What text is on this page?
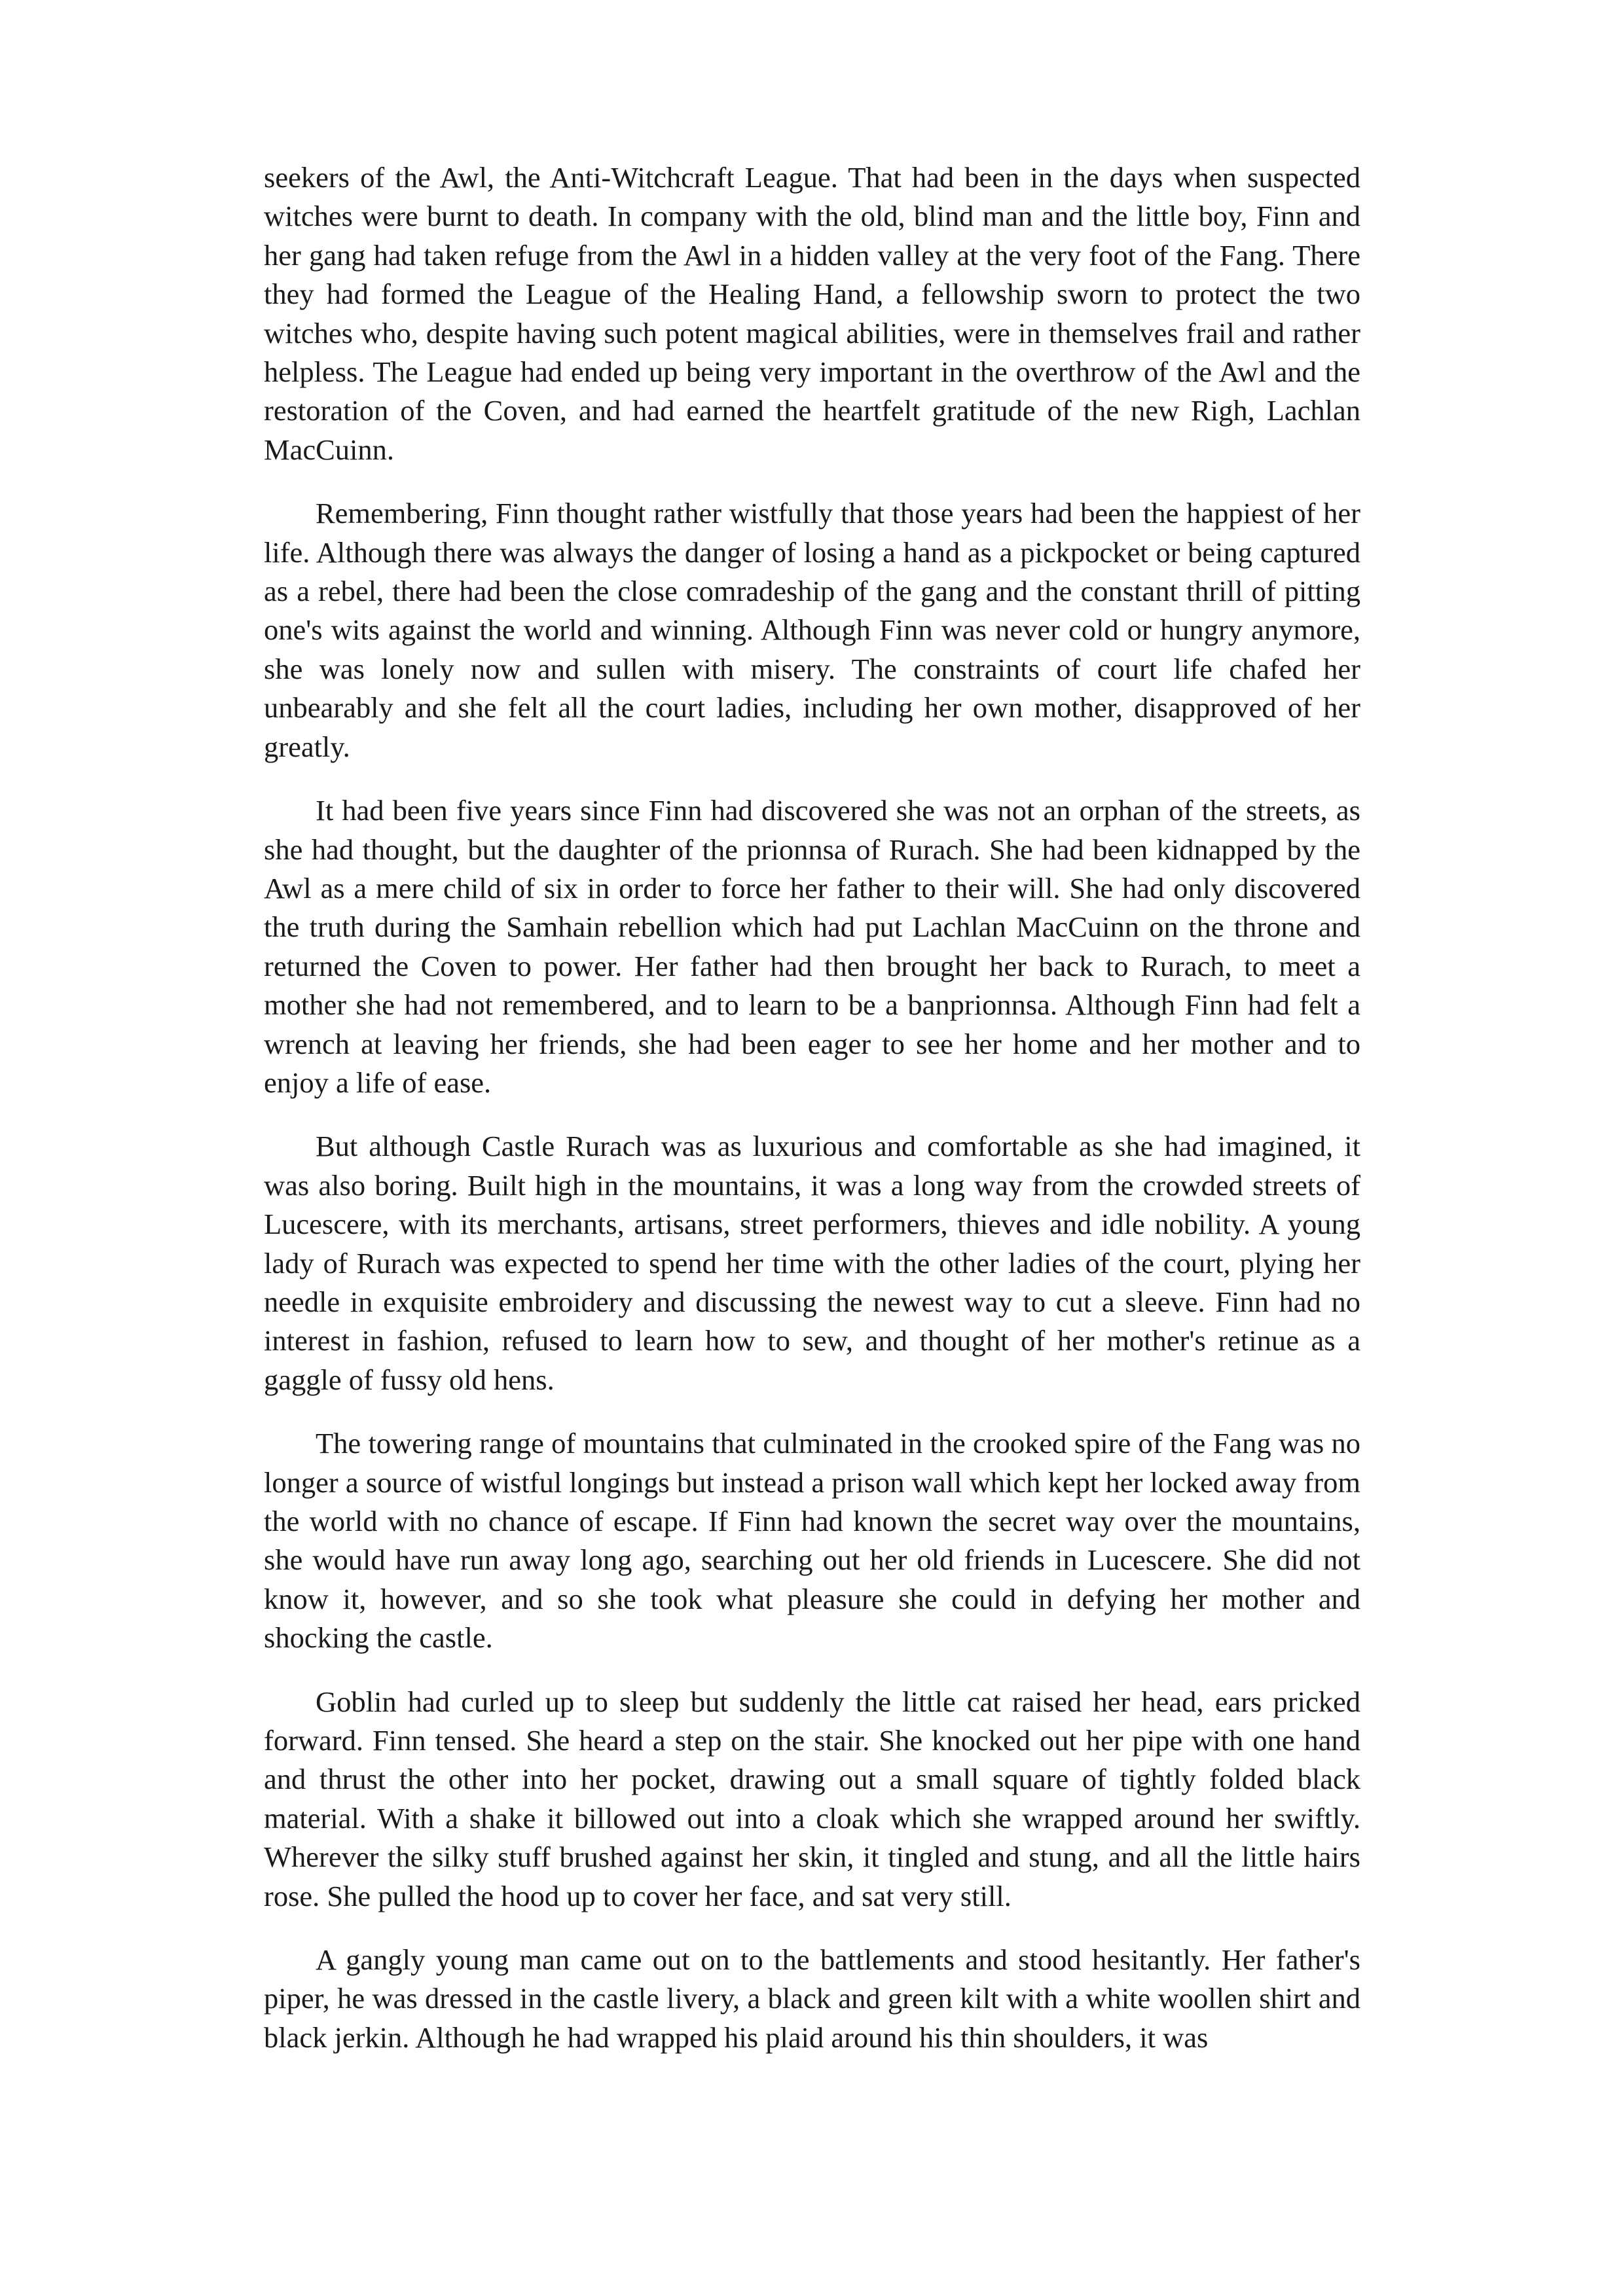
seekers of the Awl, the Anti-Witchcraft League. That had been in the days when suspected witches were burnt to death. In company with the old, blind man and the little boy, Finn and her gang had taken refuge from the Awl in a hidden valley at the very foot of the Fang. There they had formed the League of the Healing Hand, a fellowship sworn to protect the two witches who, despite having such potent magical abilities, were in themselves frail and rather helpless. The League had ended up being very important in the overthrow of the Awl and the restoration of the Coven, and had earned the heartfelt gratitude of the new Righ, Lachlan MacCuinn.

Remembering, Finn thought rather wistfully that those years had been the happiest of her life. Although there was always the danger of losing a hand as a pickpocket or being captured as a rebel, there had been the close comradeship of the gang and the constant thrill of pitting one's wits against the world and winning. Although Finn was never cold or hungry anymore, she was lonely now and sullen with misery. The constraints of court life chafed her unbearably and she felt all the court ladies, including her own mother, disapproved of her greatly.

It had been five years since Finn had discovered she was not an orphan of the streets, as she had thought, but the daughter of the prionnsa of Rurach. She had been kidnapped by the Awl as a mere child of six in order to force her father to their will. She had only discovered the truth during the Samhain rebellion which had put Lachlan MacCuinn on the throne and returned the Coven to power. Her father had then brought her back to Rurach, to meet a mother she had not remembered, and to learn to be a banprionnsa. Although Finn had felt a wrench at leaving her friends, she had been eager to see her home and her mother and to enjoy a life of ease.

But although Castle Rurach was as luxurious and comfortable as she had imagined, it was also boring. Built high in the mountains, it was a long way from the crowded streets of Lucescere, with its merchants, artisans, street performers, thieves and idle nobility. A young lady of Rurach was expected to spend her time with the other ladies of the court, plying her needle in exquisite embroidery and discussing the newest way to cut a sleeve. Finn had no interest in fashion, refused to learn how to sew, and thought of her mother's retinue as a gaggle of fussy old hens.

The towering range of mountains that culminated in the crooked spire of the Fang was no longer a source of wistful longings but instead a prison wall which kept her locked away from the world with no chance of escape. If Finn had known the secret way over the mountains, she would have run away long ago, searching out her old friends in Lucescere. She did not know it, however, and so she took what pleasure she could in defying her mother and shocking the castle.

Goblin had curled up to sleep but suddenly the little cat raised her head, ears pricked forward. Finn tensed. She heard a step on the stair. She knocked out her pipe with one hand and thrust the other into her pocket, drawing out a small square of tightly folded black material. With a shake it billowed out into a cloak which she wrapped around her swiftly. Wherever the silky stuff brushed against her skin, it tingled and stung, and all the little hairs rose. She pulled the hood up to cover her face, and sat very still.

A gangly young man came out on to the battlements and stood hesitantly. Her father's piper, he was dressed in the castle livery, a black and green kilt with a white woollen shirt and black jerkin. Although he had wrapped his plaid around his thin shoulders, it was
